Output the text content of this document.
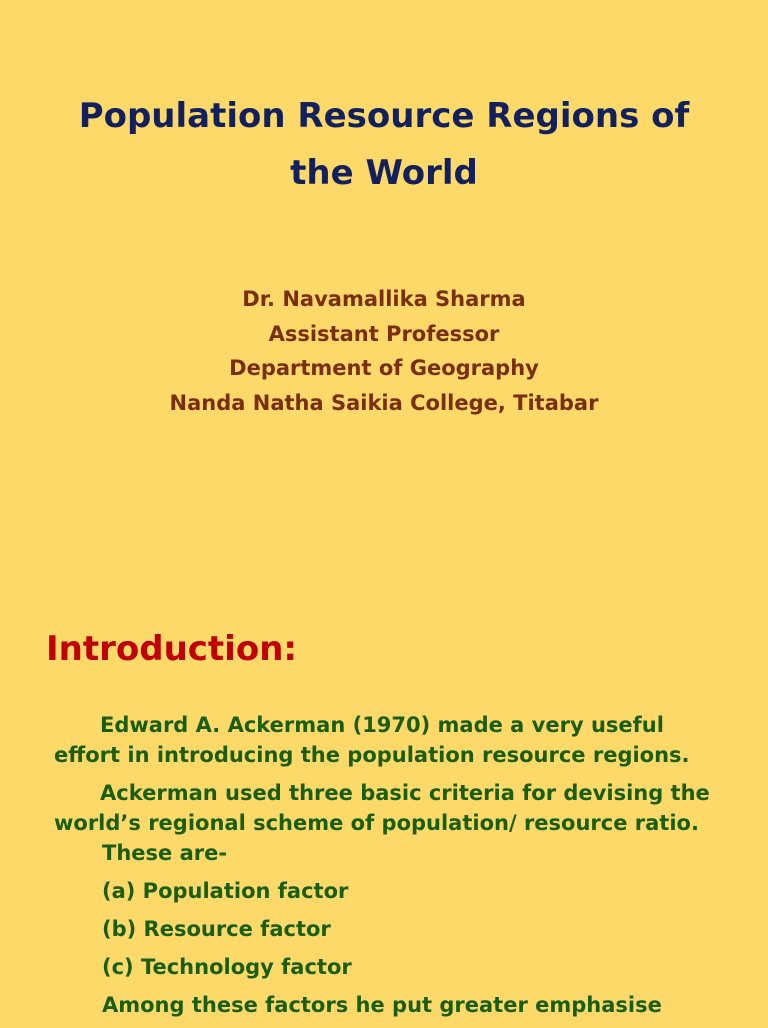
Population Resource Regions of
the World
Dr. Navamallika Sharma
Assistant Professor
Department of Geography
Nanda Natha Saikia College, Titabar
Introduction:
Edward A. Ackerman (1970) made a very useful
effort in introducing the population resource regions.
Ackerman used three basic criteria for devising the
world’s regional scheme of population/ resource ratio.
These are-
(a) Population factor
(b) Resource factor
(c) Technology factor
Among these factors he put greater emphasise
